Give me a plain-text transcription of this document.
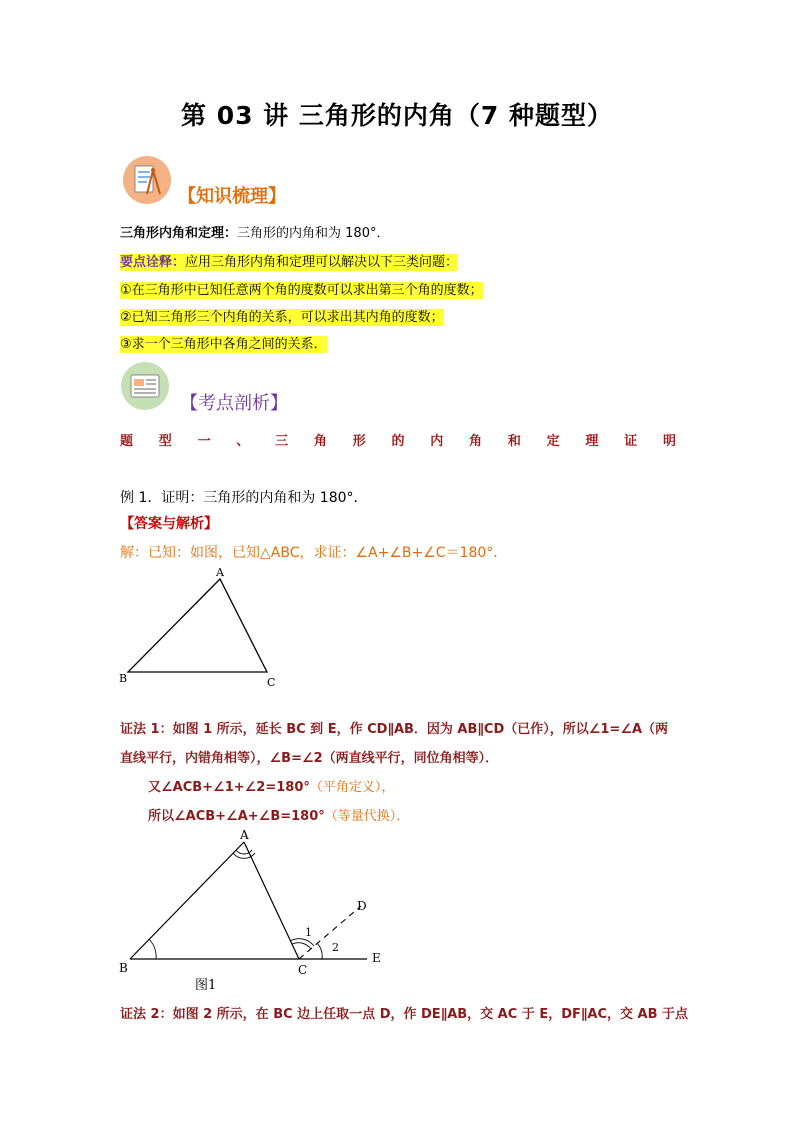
第 03 讲 三角形的内角（7 种题型）
【知识梳理】
三角形内角和定理：三角形的内角和为 180°．
要点诠释：应用三角形内角和定理可以解决以下三类问题：
①在三角形中已知任意两个角的度数可以求出第三个角的度数；
②已知三角形三个内角的关系，可以求出其内角的度数；
③求一个三角形中各角之间的关系．
【考点剖析】
题 型 一 、 三 角 形 的 内 角 和 定 理 证 明
例 1．证明：三角形的内角和为 180°．
【答案与解析】
解：已知：如图，已知△ABC，求证：∠A+∠B+∠C＝180°．
A
B	C
证法 1：如图 1 所示，延长 BC 到 E，作 CD∥AB．因为 AB∥CD（已作），所以∠1=∠A（两
直线平行，内错角相等），∠B=∠2（两直线平行，同位角相等）．
又∠ACB+∠1+∠2=180°（平角定义），
所以∠ACB+∠A+∠B=180°（等量代换）．
A
B	C
D
E
1
2
图1
证法 2：如图 2 所示，在 BC 边上任取一点 D，作 DE∥AB，交 AC 于 E，DF∥AC，交 AB 于点
